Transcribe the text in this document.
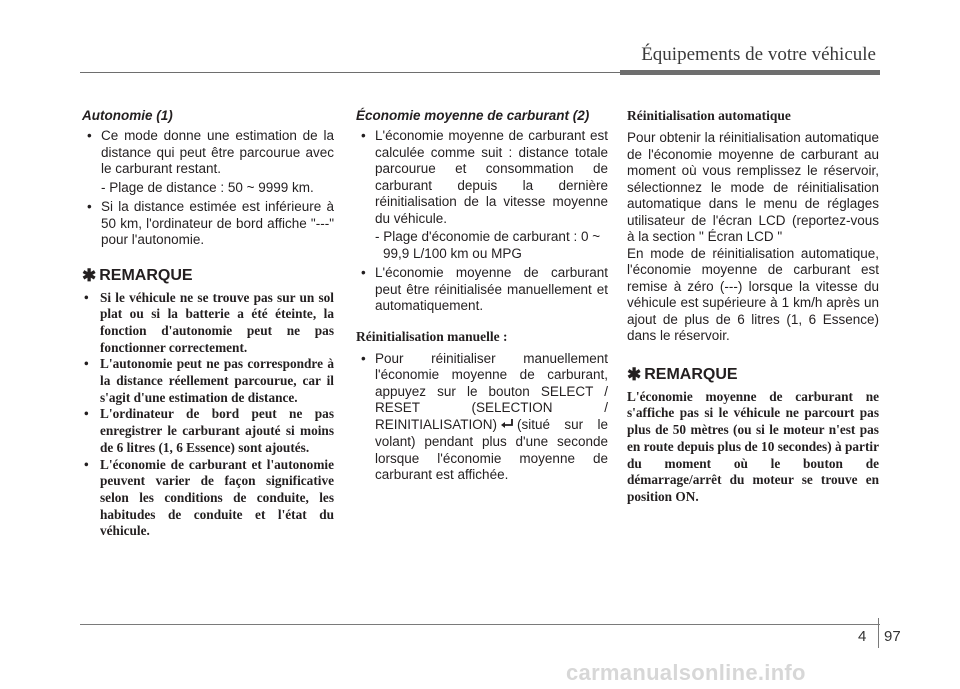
Équipements de votre véhicule
Autonomie (1)
• Ce mode donne une estimation de la distance qui peut être parcourue avec le carburant restant.
- Plage de distance : 50 ~ 9999 km.
• Si la distance estimée est inférieure à 50 km, l'ordinateur de bord affiche "---" pour l'autonomie.
✱ REMARQUE
• Si le véhicule ne se trouve pas sur un sol plat ou si la batterie a été éteinte, la fonction d'autonomie peut ne pas fonctionner correctement.
• L'autonomie peut ne pas correspondre à la distance réellement parcourue, car il s'agit d'une estimation de distance.
• L'ordinateur de bord peut ne pas enregistrer le carburant ajouté si moins de 6 litres (1, 6 Essence) sont ajoutés.
• L'économie de carburant et l'autonomie peuvent varier de façon significative selon les conditions de conduite, les habitudes de conduite et l'état du véhicule.
Économie moyenne de carburant (2)
• L'économie moyenne de carburant est calculée comme suit : distance totale parcourue et consommation de carburant depuis la dernière réinitialisation de la vitesse moyenne du véhicule.
- Plage d'économie de carburant : 0 ~ 99,9 L/100 km ou MPG
• L'économie moyenne de carburant peut être réinitialisée manuellement et automatiquement.
Réinitialisation manuelle :
• Pour réinitialiser manuellement l'économie moyenne de carburant, appuyez sur le bouton SELECT / RESET (SELECTION / REINITIALISATION) (situé sur le volant) pendant plus d'une seconde lorsque l'économie moyenne de carburant est affichée.
Réinitialisation automatique
Pour obtenir la réinitialisation automatique de l'économie moyenne de carburant au moment où vous remplissez le réservoir, sélectionnez le mode de réinitialisation automatique dans le menu de réglages utilisateur de l'écran LCD (reportez-vous à la section " Écran LCD "
En mode de réinitialisation automatique, l'économie moyenne de carburant est remise à zéro (---) lorsque la vitesse du véhicule est supérieure à 1 km/h après un ajout de plus de 6 litres (1, 6 Essence) dans le réservoir.
✱ REMARQUE
L'économie moyenne de carburant ne s'affiche pas si le véhicule ne parcourt pas plus de 50 mètres (ou si le moteur n'est pas en route depuis plus de 10 secondes) à partir du moment où le bouton de démarrage/arrêt du moteur se trouve en position ON.
4 97
carmanualsonline.info
